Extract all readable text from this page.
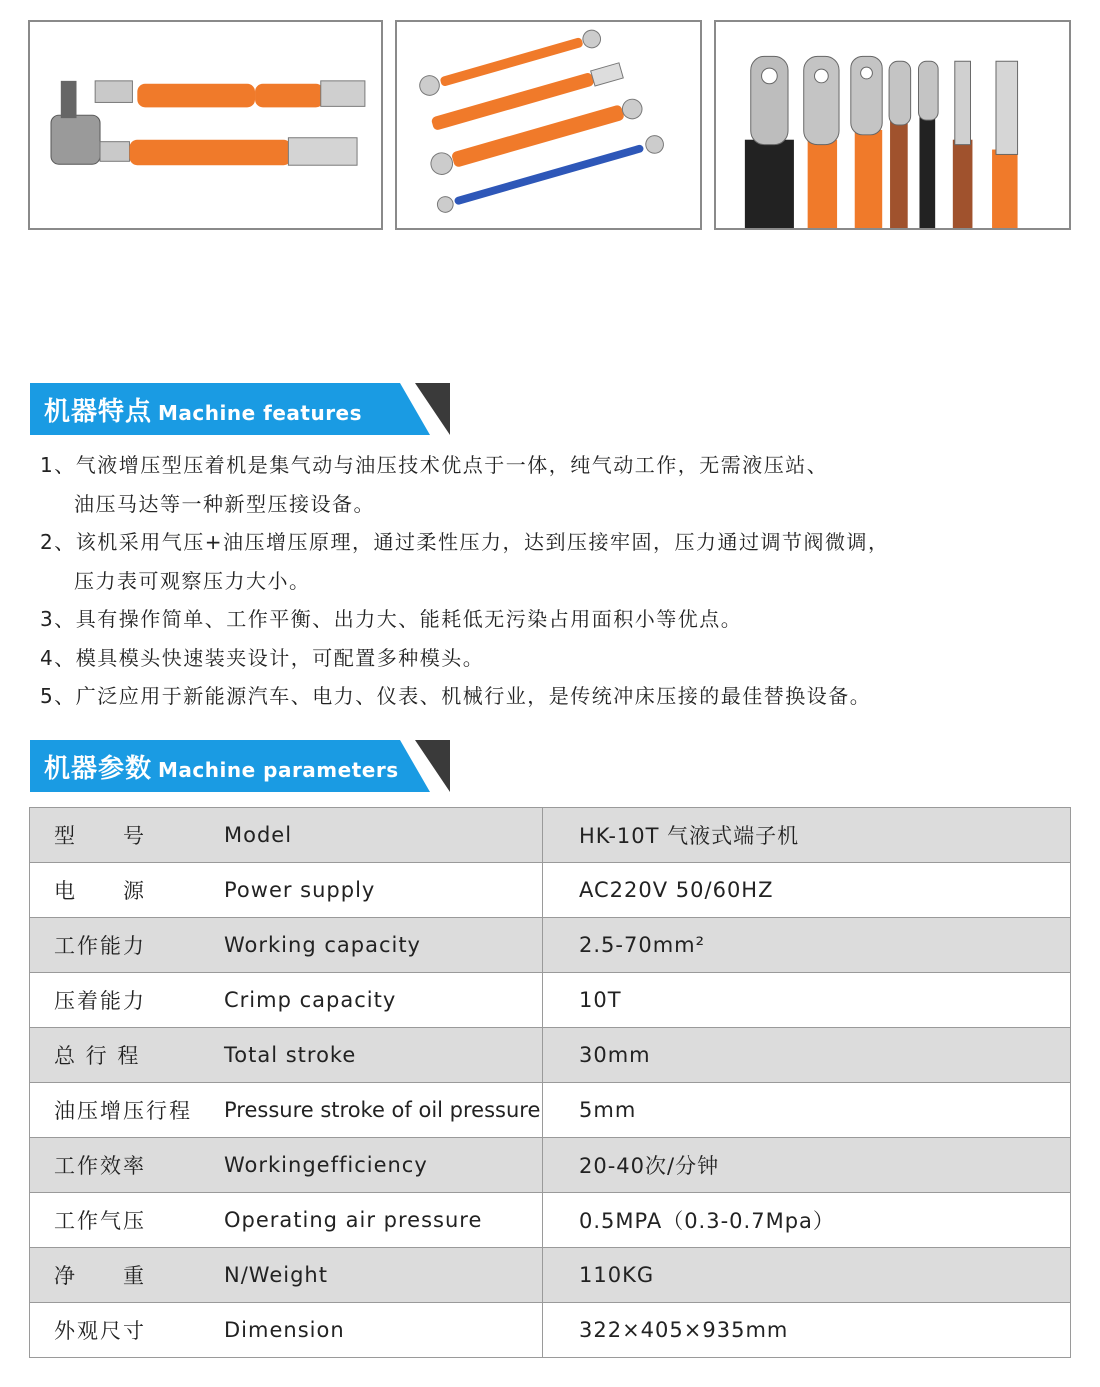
机器特点 Machine features
1、气液增压型压着机是集气动与油压技术优点于一体，纯气动工作，无需液压站、
油压马达等一种新型压接设备。
2、该机采用气压+油压增压原理，通过柔性压力，达到压接牢固，压力通过调节阀微调，
压力表可观察压力大小。
3、具有操作简单、工作平衡、出力大、能耗低无污染占用面积小等优点。
4、模具模头快速装夹设计，可配置多种模头。
5、广泛应用于新能源汽车、电力、仪表、机械行业，是传统冲床压接的最佳替换设备。
机器参数 Machine parameters
型　　号	Model	HK-10T 气液式端子机
电　　源	Power supply	AC220V 50/60HZ
工作能力	Working capacity	2.5-70mm²
压着能力	Crimp capacity	10T
总 行 程	Total stroke	30mm
油压增压行程	Pressure stroke of oil pressure	5mm
工作效率	Workingefficiency	20-40次/分钟
工作气压	Operating air pressure	0.5MPA（0.3-0.7Mpa）
净　　重	N/Weight	110KG
外观尺寸	Dimension	322×405×935mm
